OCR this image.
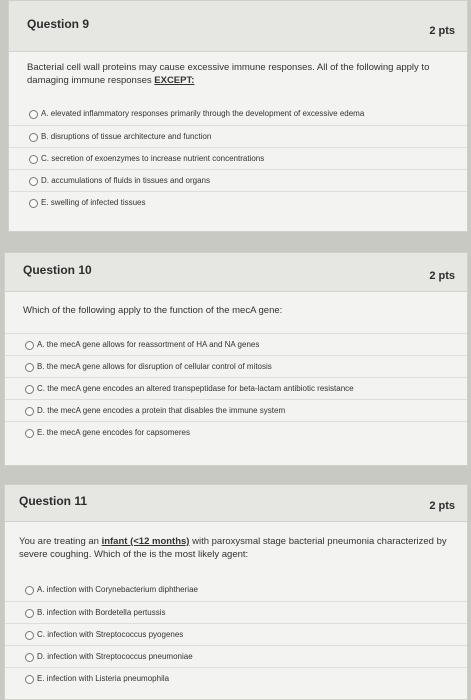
Question 9	2 pts
Bacterial cell wall proteins may cause excessive immune responses. All of the following apply to damaging immune responses EXCEPT:
A. elevated inflammatory responses primarily through the development of excessive edema
B. disruptions of tissue architecture and function
C. secretion of exoenzymes to increase nutrient concentrations
D. accumulations of fluids in tissues and organs
E. swelling of infected tissues
Question 10	2 pts
Which of the following apply to the function of the mecA gene:
A. the mecA gene allows for reassortment of HA and NA genes
B. the mecA gene allows for disruption of cellular control of mitosis
C. the mecA gene encodes an altered transpeptidase for beta-lactam antibiotic resistance
D. the mecA gene encodes a protein that disables the immune system
E. the mecA gene encodes for capsomeres
Question 11	2 pts
You are treating an infant (<12 months) with paroxysmal stage bacterial pneumonia characterized by severe coughing. Which of the is the most likely agent:
A. infection with Corynebacterium diphtheriae
B. infection with Bordetella pertussis
C. infection with Streptococcus pyogenes
D. infection with Streptococcus pneumoniae
E. infection with Listeria pneumophila
